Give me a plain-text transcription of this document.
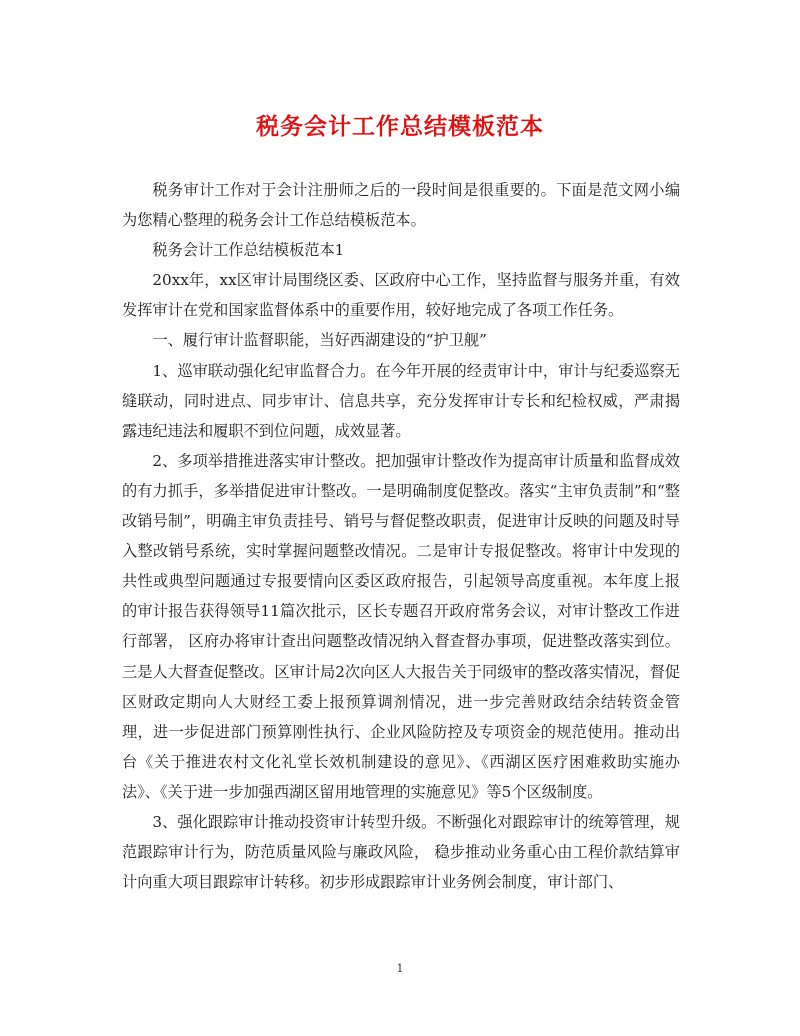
税务会计工作总结模板范本

税务审计工作对于会计注册师之后的一段时间是很重要的。下面是范文网小编为您精心整理的税务会计工作总结模板范本。

税务会计工作总结模板范本1

20xx年，xx区审计局围绕区委、区政府中心工作，坚持监督与服务并重，有效发挥审计在党和国家监督体系中的重要作用，较好地完成了各项工作任务。

一、履行审计监督职能，当好西湖建设的“护卫舰”

1、巡审联动强化纪审监督合力。在今年开展的经责审计中，审计与纪委巡察无缝联动，同时进点、同步审计、信息共享，充分发挥审计专长和纪检权威，严肃揭露违纪违法和履职不到位问题，成效显著。

2、多项举措推进落实审计整改。把加强审计整改作为提高审计质量和监督成效的有力抓手，多举措促进审计整改。一是明确制度促整改。落实“主审负责制”和“整改销号制”，明确主审负责挂号、销号与督促整改职责，促进审计反映的问题及时导入整改销号系统，实时掌握问题整改情况。二是审计专报促整改。将审计中发现的共性或典型问题通过专报要情向区委区政府报告，引起领导高度重视。本年度上报的审计报告获得领导11篇次批示，区长专题召开政府常务会议，对审计整改工作进行部署， 区府办将审计查出问题整改情况纳入督查督办事项，促进整改落实到位。三是人大督查促整改。区审计局2次向区人大报告关于同级审的整改落实情况，督促区财政定期向人大财经工委上报预算调剂情况，进一步完善财政结余结转资金管理，进一步促进部门预算刚性执行、企业风险防控及专项资金的规范使用。推动出台《关于推进农村文化礼堂长效机制建设的意见》、《西湖区医疗困难救助实施办法》、《关于进一步加强西湖区留用地管理的实施意见》等5个区级制度。

3、强化跟踪审计推动投资审计转型升级。不断强化对跟踪审计的统筹管理，规范跟踪审计行为，防范质量风险与廉政风险， 稳步推动业务重心由工程价款结算审计向重大项目跟踪审计转移。初步形成跟踪审计业务例会制度，审计部门、

1
